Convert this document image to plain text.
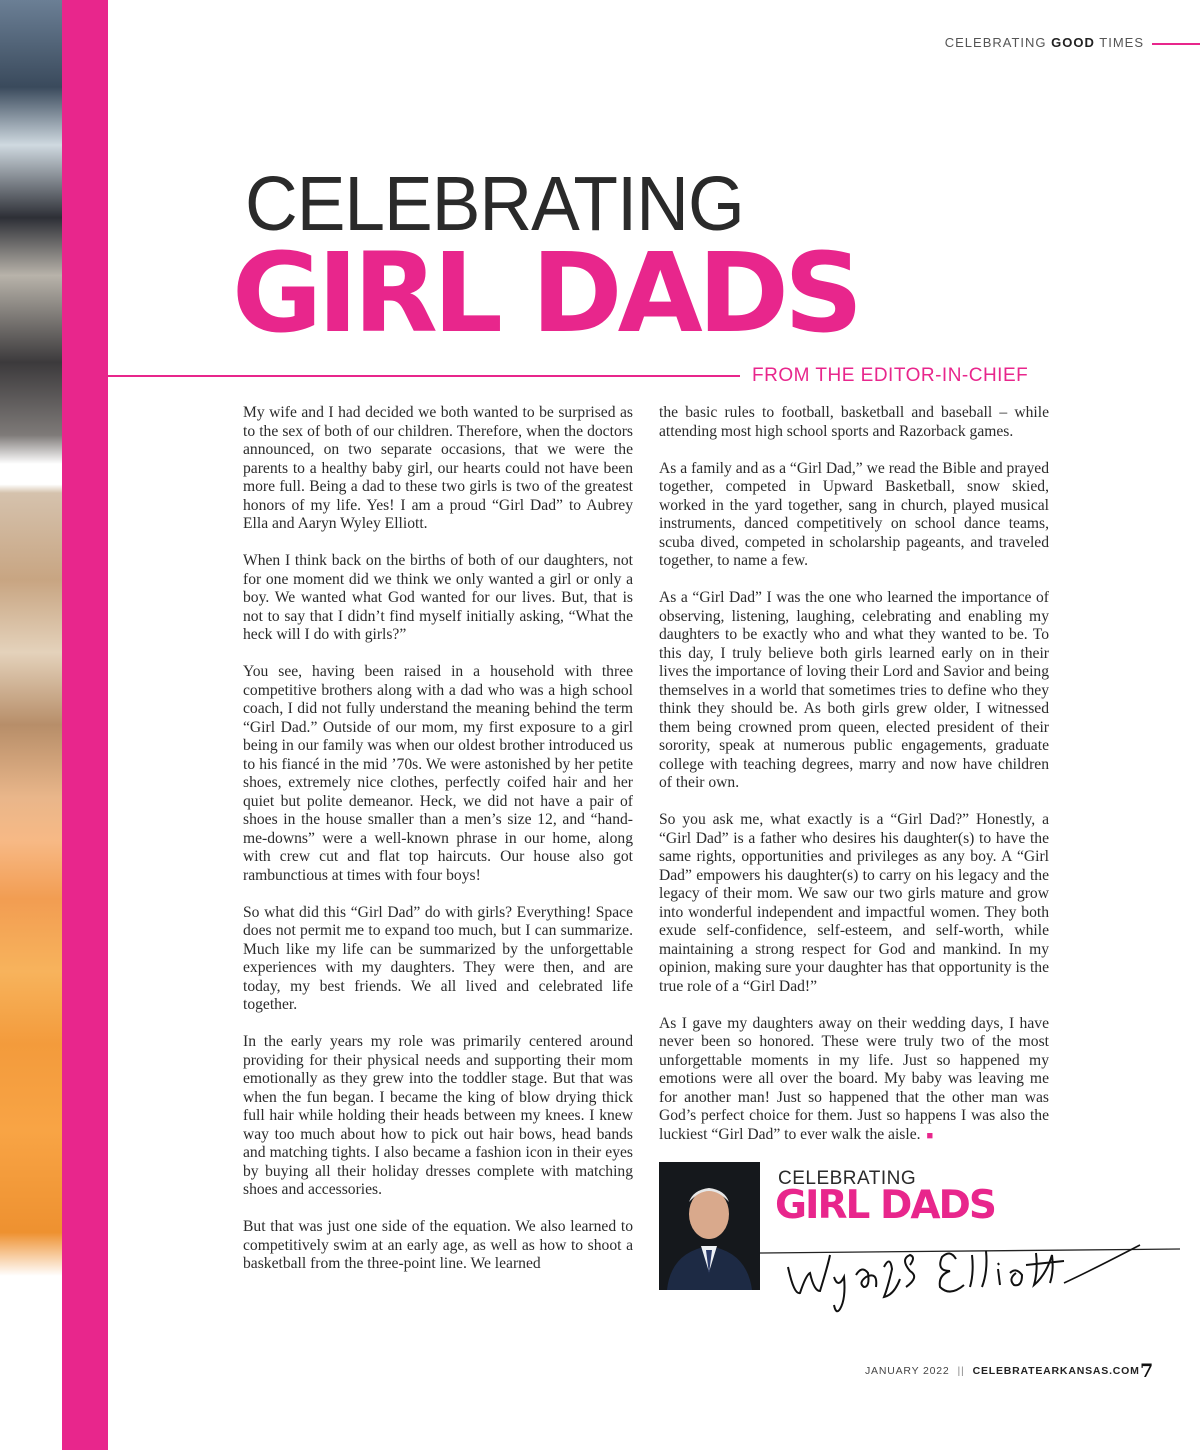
CELEBRATING GOOD TIMES
CELEBRATING
GIRL DADS
FROM THE EDITOR-IN-CHIEF

My wife and I had decided we both wanted to be surprised as to the sex of both of our children. Therefore, when the doctors announced, on two separate occasions, that we were the parents to a healthy baby girl, our hearts could not have been more full. Being a dad to these two girls is two of the greatest honors of my life. Yes! I am a proud “Girl Dad” to Aubrey Ella and Aaryn Wyley Elliott.

When I think back on the births of both of our daughters, not for one moment did we think we only wanted a girl or only a boy. We wanted what God wanted for our lives. But, that is not to say that I didn’t find myself initially asking, “What the heck will I do with girls?”

You see, having been raised in a household with three competitive brothers along with a dad who was a high school coach, I did not fully understand the meaning behind the term “Girl Dad.” Outside of our mom, my first exposure to a girl being in our family was when our oldest brother introduced us to his fiancé in the mid ’70s. We were astonished by her petite shoes, extremely nice clothes, perfectly coifed hair and her quiet but polite demeanor. Heck, we did not have a pair of shoes in the house smaller than a men’s size 12, and “hand-me-downs” were a well-known phrase in our home, along with crew cut and flat top haircuts. Our house also got rambunctious at times with four boys!

So what did this “Girl Dad” do with girls? Everything! Space does not permit me to expand too much, but I can summarize. Much like my life can be summarized by the unforgettable experiences with my daughters. They were then, and are today, my best friends. We all lived and celebrated life together.

In the early years my role was primarily centered around providing for their physical needs and supporting their mom emotionally as they grew into the toddler stage. But that was when the fun began. I became the king of blow drying thick full hair while holding their heads between my knees. I knew way too much about how to pick out hair bows, head bands and matching tights. I also became a fashion icon in their eyes by buying all their holiday dresses complete with matching shoes and accessories.

But that was just one side of the equation. We also learned to competitively swim at an early age, as well as how to shoot a basketball from the three-point line. We learned

the basic rules to football, basketball and baseball – while attending most high school sports and Razorback games.

As a family and as a “Girl Dad,” we read the Bible and prayed together, competed in Upward Basketball, snow skied, worked in the yard together, sang in church, played musical instruments, danced competitively on school dance teams, scuba dived, competed in scholarship pageants, and traveled together, to name a few.

As a “Girl Dad” I was the one who learned the importance of observing, listening, laughing, celebrating and enabling my daughters to be exactly who and what they wanted to be. To this day, I truly believe both girls learned early on in their lives the importance of loving their Lord and Savior and being themselves in a world that sometimes tries to define who they think they should be. As both girls grew older, I witnessed them being crowned prom queen, elected president of their sorority, speak at numerous public engagements, graduate college with teaching degrees, marry and now have children of their own.

So you ask me, what exactly is a “Girl Dad?” Honestly, a “Girl Dad” is a father who desires his daughter(s) to have the same rights, opportunities and privileges as any boy. A “Girl Dad” empowers his daughter(s) to carry on his legacy and the legacy of their mom. We saw our two girls mature and grow into wonderful independent and impactful women. They both exude self-confidence, self-esteem, and self-worth, while maintaining a strong respect for God and mankind. In my opinion, making sure your daughter has that opportunity is the true role of a “Girl Dad!”

As I gave my daughters away on their wedding days, I have never been so honored. These were truly two of the most unforgettable moments in my life. Just so happened my emotions were all over the board. My baby was leaving me for another man! Just so happened that the other man was God’s perfect choice for them. Just so happens I was also the luckiest “Girl Dad” to ever walk the aisle. ■

CELEBRATING
GIRL DADS
JANUARY 2022 || CELEBRATEARKANSAS.COM 7
